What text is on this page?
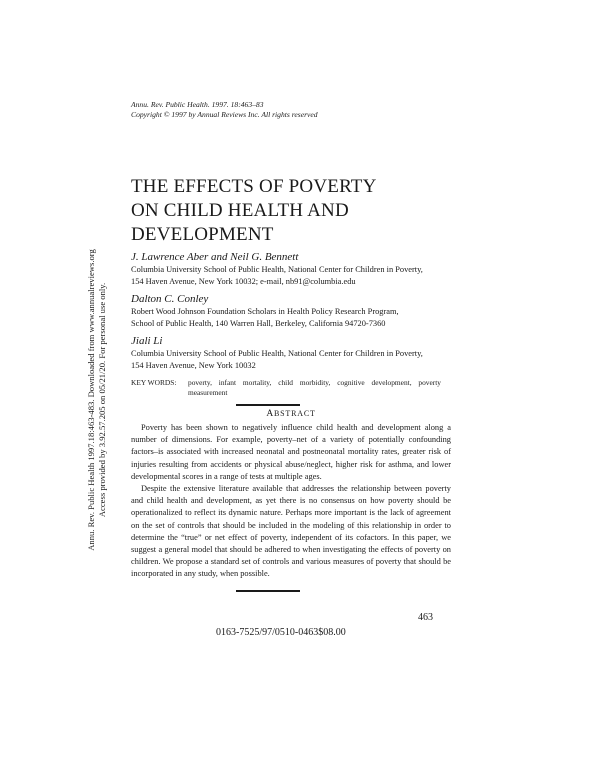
Annu. Rev. Public Health 1997.18:463-483. Downloaded from www.annualreviews.org Access provided by 3.92.57.205 on 05/21/20. For personal use only.
Annu. Rev. Public Health. 1997. 18:463–83
Copyright © 1997 by Annual Reviews Inc. All rights reserved
THE EFFECTS OF POVERTY
ON CHILD HEALTH AND
DEVELOPMENT
J. Lawrence Aber and Neil G. Bennett
Columbia University School of Public Health, National Center for Children in Poverty,
154 Haven Avenue, New York 10032; e-mail, nb91@columbia.edu
Dalton C. Conley
Robert Wood Johnson Foundation Scholars in Health Policy Research Program,
School of Public Health, 140 Warren Hall, Berkeley, California 94720-7360
Jiali Li
Columbia University School of Public Health, National Center for Children in Poverty,
154 Haven Avenue, New York 10032
KEY WORDS:	poverty, infant mortality, child morbidity, cognitive development, poverty measurement
ABSTRACT

Poverty has been shown to negatively influence child health and development along a number of dimensions. For example, poverty–net of a variety of potentially confounding factors–is associated with increased neonatal and postneonatal mortality rates, greater risk of injuries resulting from accidents or physical abuse/neglect, higher risk for asthma, and lower developmental scores in a range of tests at multiple ages.

Despite the extensive literature available that addresses the relationship between poverty and child health and development, as yet there is no consensus on how poverty should be operationalized to reflect its dynamic nature. Perhaps more important is the lack of agreement on the set of controls that should be included in the modeling of this relationship in order to determine the “true” or net effect of poverty, independent of its cofactors. In this paper, we suggest a general model that should be adhered to when investigating the effects of poverty on children. We propose a standard set of controls and various measures of poverty that should be incorporated in any study, when possible.

463
0163-7525/97/0510-0463$08.00
